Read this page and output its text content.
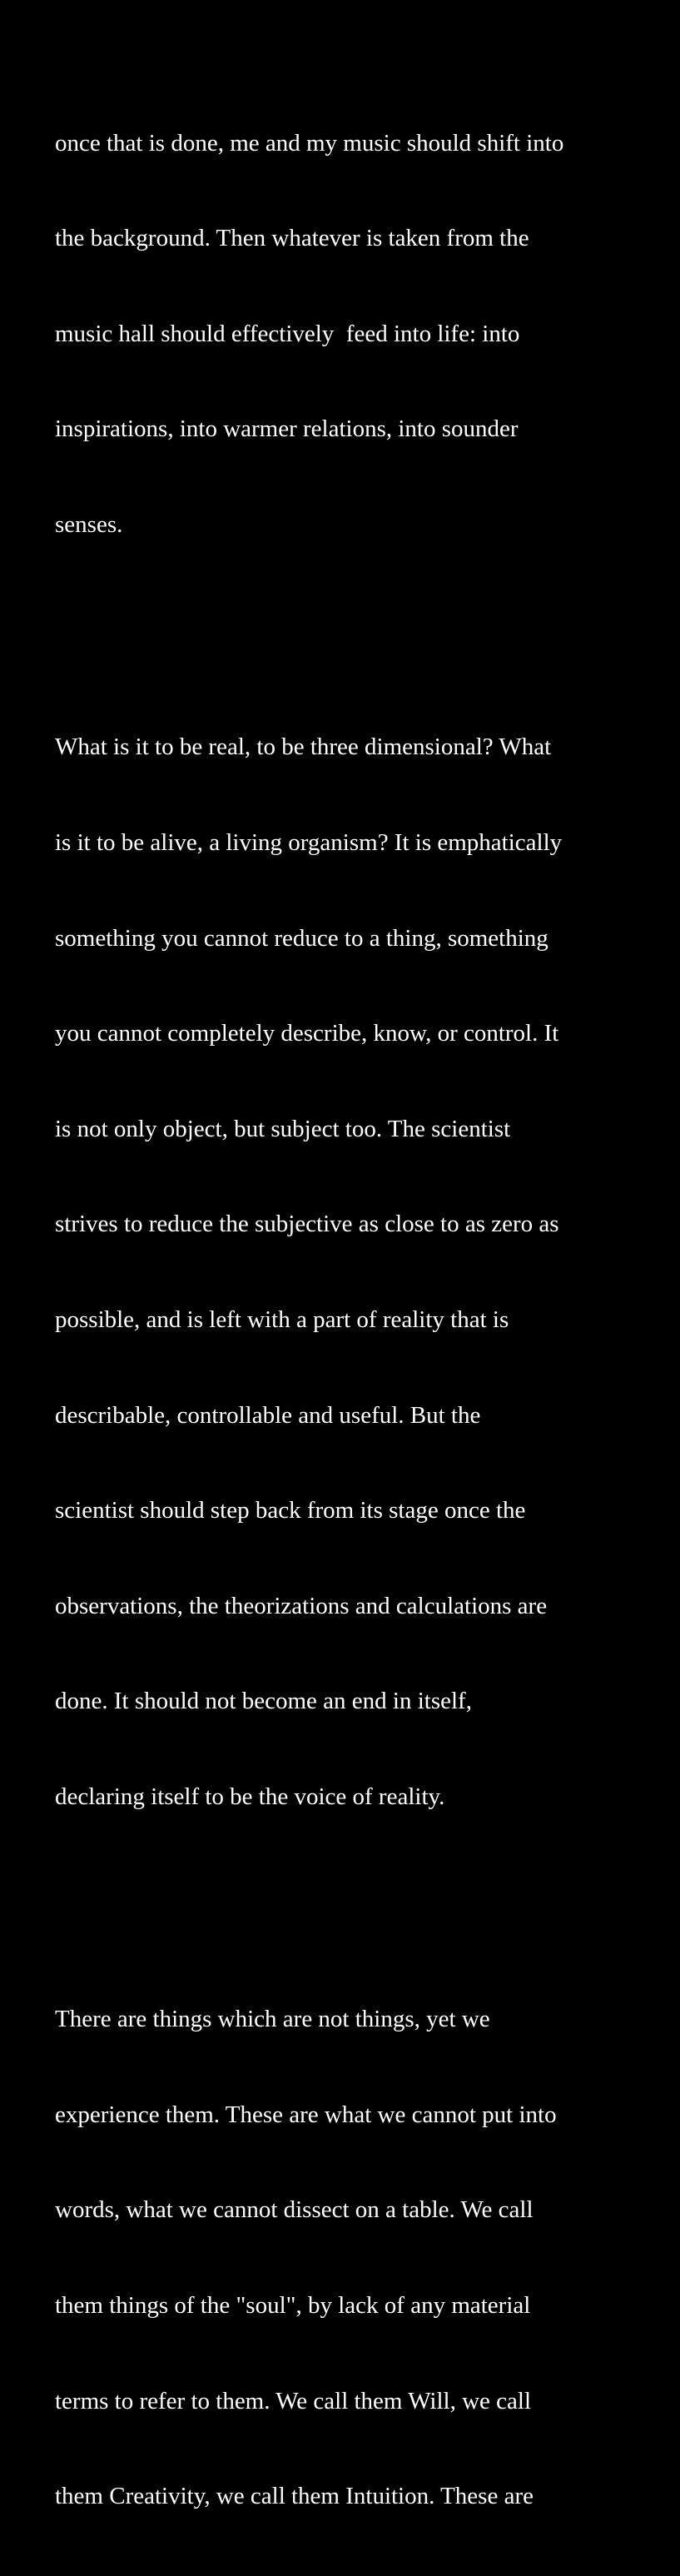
once that is done, me and my music should shift into

the background. Then whatever is taken from the

music hall should effectively  feed into life: into

inspirations, into warmer relations, into sounder

senses.

What is it to be real, to be three dimensional? What

is it to be alive, a living organism? It is emphatically

something you cannot reduce to a thing, something

you cannot completely describe, know, or control. It

is not only object, but subject too. The scientist

strives to reduce the subjective as close to as zero as

possible, and is left with a part of reality that is

describable, controllable and useful. But the

scientist should step back from its stage once the

observations, the theorizations and calculations are

done. It should not become an end in itself,

declaring itself to be the voice of reality.

There are things which are not things, yet we

experience them. These are what we cannot put into

words, what we cannot dissect on a table. We call

them things of the "soul", by lack of any material

terms to refer to them. We call them Will, we call

them Creativity, we call them Intuition. These are
